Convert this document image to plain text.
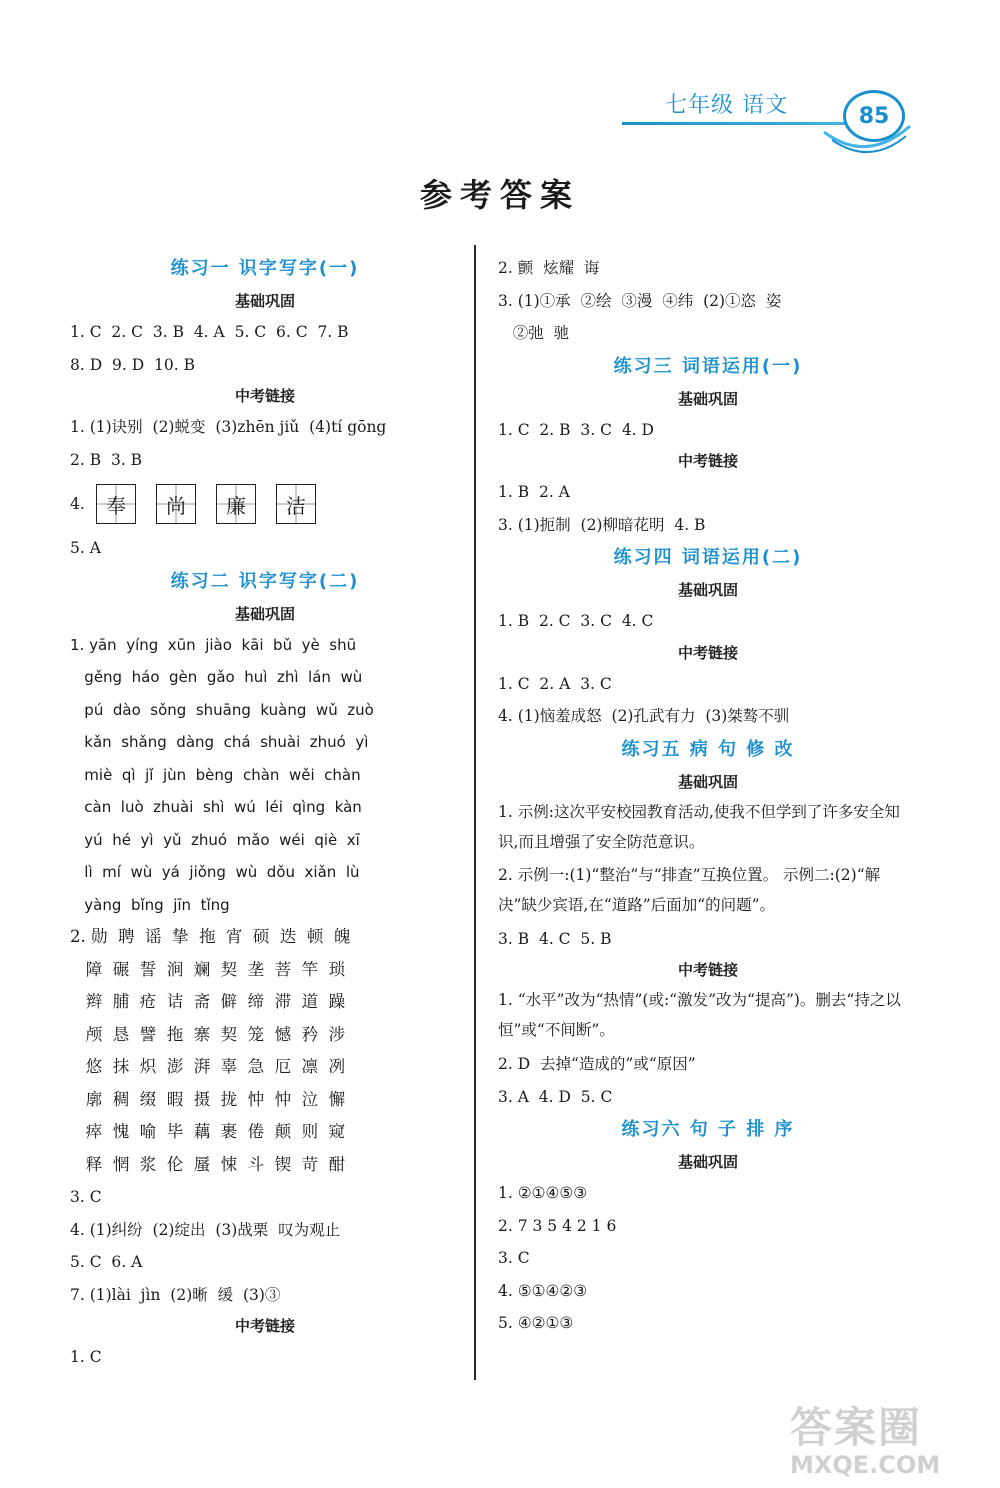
七年级 语文	85
参考答案
练习一 识字写字(一)
基础巩固
1. C  2. C  3. B  4. A  5. C  6. C  7. B
8. D  9. D  10. B
中考链接
1. (1)诀别  (2)蜕变  (3)zhēn jiǔ  (4)tí gōng
2. B  3. B
4.	奉	尚	廉	洁
5. A
练习二 识字写字(二)
基础巩固
1. yān  yíng  xūn  jiào  kāi  bǔ  yè  shū
gěng  háo  gèn  gǎo  huì  zhì  lán  wù
pú  dào  sǒng  shuāng  kuàng  wǔ  zuò
kǎn  shǎng  dàng  chá  shuài  zhuó  yì
miè  qì  jǐ  jùn  bèng  chàn  wěi  chàn
càn  luò  zhuài  shì  wú  léi  qìng  kàn
yú  hé  yì  yǔ  zhuó  mǎo  wéi  qiè  xī
lì  mí  wù  yá  jiǒng  wù  dǒu  xiǎn  lù
yàng  bǐng  jīn  tǐng
2. 勋  聘  谣  挚  拖  宵  硕  迭  顿  魄
障  碾  誓  涧  斓  契  垄  菩  竿  琐
辫  脯  疮  诘  斋  僻  缔  滞  道  躁
颅  恳  譬  拖  寨  契  笼  憾  矜  涉
悠  抹  炽  澎  湃  辜  急  厄  凛  冽
廓  稠  缀  暇  摄  拢  忡  忡  泣  懈
瘁  愧  喻  毕  藕  裹  倦  颠  则  窥
释  惘  浆  伦  蜃  悚  斗  锲  苛  酣
3. C
4. (1)纠纷  (2)绽出  (3)战栗  叹为观止
5. C  6. A
7. (1)lài  jìn  (2)晰  缓  (3)③
中考链接
1. C
2. 颤  炫耀  诲
3. (1)①承  ②绘  ③漫  ④纬  (2)①恣  姿
②弛  驰
练习三 词语运用(一)
基础巩固
1. C  2. B  3. C  4. D
中考链接
1. B  2. A
3. (1)扼制  (2)柳暗花明  4. B
练习四 词语运用(二)
基础巩固
1. B  2. C  3. C  4. C
中考链接
1. C  2. A  3. C
4. (1)恼羞成怒  (2)孔武有力  (3)桀骜不驯
练习五 病 句 修 改
基础巩固
1. 示例:这次平安校园教育活动,使我不但学到了许多安全知识,而且增强了安全防范意识。
2. 示例一:(1)“整治”与“排查”互换位置。 示例二:(2)“解决”缺少宾语,在“道路”后面加“的问题”。
3. B  4. C  5. B
中考链接
1. “水平”改为“热情”(或:“激发”改为“提高”)。删去“持之以恒”或“不间断”。
2. D  去掉“造成的”或“原因”
3. A  4. D  5. C
练习六 句 子 排 序
基础巩固
1. ②①④⑤③
2. 7 3 5 4 2 1 6
3. C
4. ⑤①④②③
5. ④②①③
答案圈
MXQE.COM
